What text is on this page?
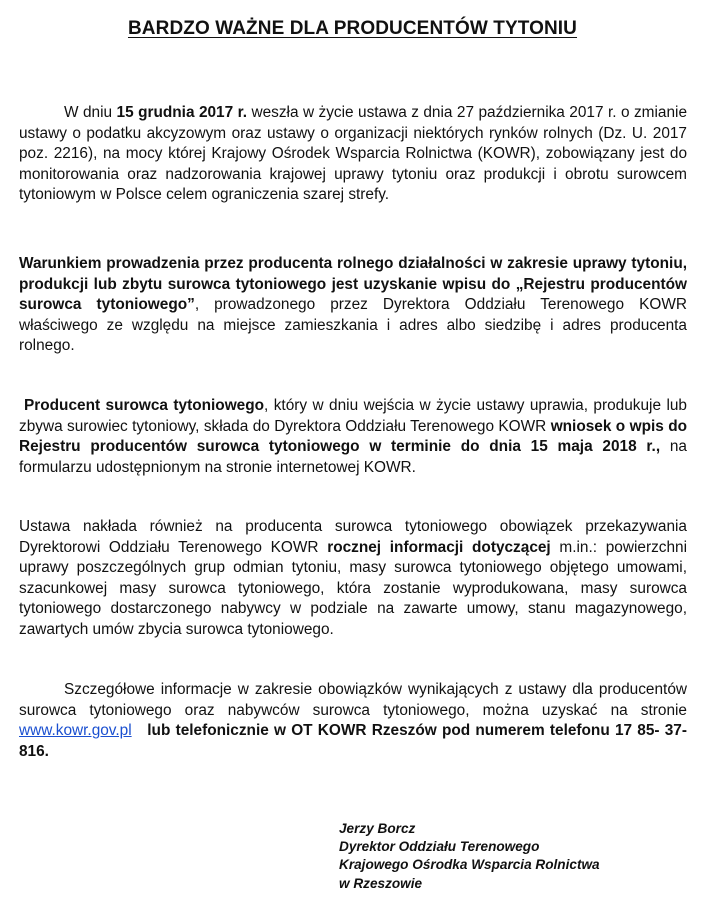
BARDZO WAŻNE DLA PRODUCENTÓW TYTONIU

W dniu 15 grudnia 2017 r. weszła w życie ustawa z dnia 27 października 2017 r. o zmianie ustawy o podatku akcyzowym oraz ustawy o organizacji niektórych rynków rolnych (Dz. U. 2017 poz. 2216), na mocy której Krajowy Ośrodek Wsparcia Rolnictwa (KOWR), zobowiązany jest do monitorowania oraz nadzorowania krajowej uprawy tytoniu oraz produkcji i obrotu surowcem tytoniowym w Polsce celem ograniczenia szarej strefy.

Warunkiem prowadzenia przez producenta rolnego działalności w zakresie uprawy tytoniu, produkcji lub zbytu surowca tytoniowego jest uzyskanie wpisu do „Rejestru producentów surowca tytoniowego”, prowadzonego przez Dyrektora Oddziału Terenowego KOWR właściwego ze względu na miejsce zamieszkania i adres albo siedzibę i adres producenta rolnego.

Producent surowca tytoniowego, który w dniu wejścia w życie ustawy uprawia, produkuje lub zbywa surowiec tytoniowy, składa do Dyrektora Oddziału Terenowego KOWR wniosek o wpis do Rejestru producentów surowca tytoniowego w terminie do dnia 15 maja 2018 r., na formularzu udostępnionym na stronie internetowej KOWR.

Ustawa nakłada również na producenta surowca tytoniowego obowiązek przekazywania Dyrektorowi Oddziału Terenowego KOWR rocznej informacji dotyczącej m.in.: powierzchni uprawy poszczególnych grup odmian tytoniu, masy surowca tytoniowego objętego umowami, szacunkowej masy surowca tytoniowego, która zostanie wyprodukowana, masy surowca tytoniowego dostarczonego nabywcy w podziale na zawarte umowy, stanu magazynowego, zawartych umów zbycia surowca tytoniowego.

Szczegółowe informacje w zakresie obowiązków wynikających z ustawy dla producentów surowca tytoniowego oraz nabywców surowca tytoniowego, można uzyskać na stronie www.kowr.gov.pl   lub telefonicznie w OT KOWR Rzeszów pod numerem telefonu 17 85- 37-816.

Jerzy Borcz
Dyrektor Oddziału Terenowego
Krajowego Ośrodka Wsparcia Rolnictwa
w Rzeszowie
